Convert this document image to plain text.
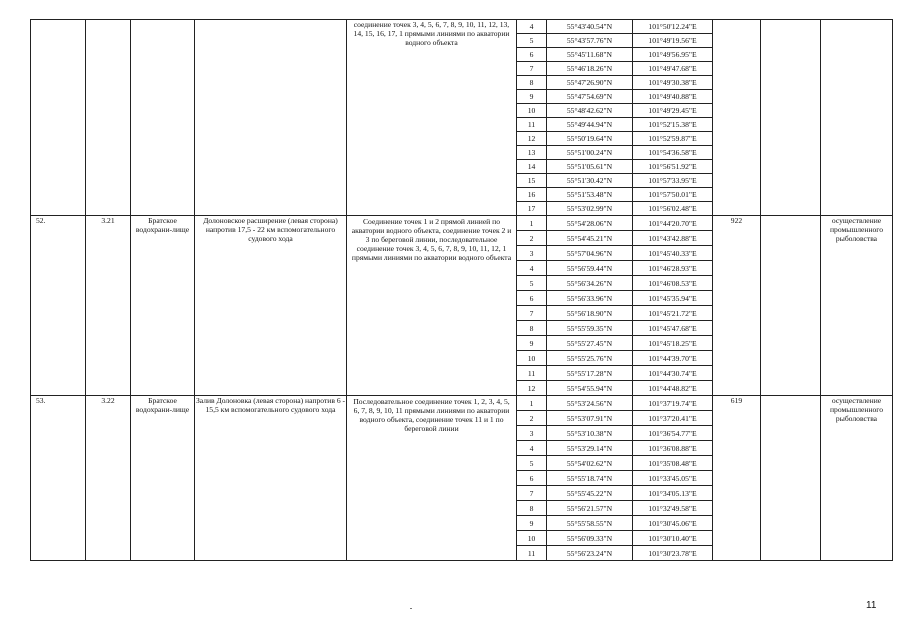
				соединение точек 3, 4, 5, 6, 7, 8, 9, 10, 11, 12, 13, 14, 15, 16, 17, 1 прямыми линиями по акватории водного объекта	4	55°43'40.54"N	101°50'12.24"E			
					5	55°43'57.76"N	101°49'19.56"E			
					6	55°45'11.68"N	101°49'56.95"E			
					7	55°46'18.26"N	101°49'47.68"E			
					8	55°47'26.90"N	101°49'30.38"E			
					9	55°47'54.69"N	101°49'40.88"E			
					10	55°48'42.62"N	101°49'29.45"E			
					11	55°49'44.94"N	101°52'15.38"E			
					12	55°50'19.64"N	101°52'59.87"E			
					13	55°51'00.24"N	101°54'36.58"E			
					14	55°51'05.61"N	101°56'51.92"E			
					15	55°51'30.42"N	101°57'33.95"E			
					16	55°51'53.48"N	101°57'50.01"E			
					17	55°53'02.99"N	101°56'02.48"E			
52.	3.21	Братское водохрани-лище	Долоновское расширение (левая сторона) напротив 17,5 - 22 км вспомогательного судового хода	Соединение точек 1 и 2 прямой линией по акватории водного объекта, соединение точек 2 и 3 по береговой линии, последовательное соединение точек 3, 4, 5, 6, 7, 8, 9, 10, 11, 12, 1 прямыми линиями по акватории водного объекта	1	55°54'28.06"N	101°44'20.70"E	922		осуществление промышленного рыболовства
					2	55°54'45.21"N	101°43'42.88"E			
					3	55°57'04.96"N	101°45'40.33"E			
					4	55°56'59.44"N	101°46'28.93"E			
					5	55°56'34.26"N	101°46'08.53"E			
					6	55°56'33.96"N	101°45'35.94"E			
					7	55°56'18.90"N	101°45'21.72"E			
					8	55°55'59.35"N	101°45'47.68"E			
					9	55°55'27.45"N	101°45'18.25"E			
					10	55°55'25.76"N	101°44'39.70"E			
					11	55°55'17.28"N	101°44'30.74"E			
					12	55°54'55.94"N	101°44'48.82"E			
53.	3.22	Братское водохрани-лище	Залив Долоновка (левая сторона) напротив 6 - 15,5 км вспомогательного судового хода	Последовательное соединение точек 1, 2, 3, 4, 5, 6, 7, 8, 9, 10, 11 прямыми линиями по акватории водного объекта, соединение точек 11 и 1 по береговой линии	1	55°53'24.56"N	101°37'19.74"E	619		осуществление промышленного рыболовства
					2	55°53'07.91"N	101°37'20.41"E			
					3	55°53'10.38"N	101°36'54.77"E			
					4	55°53'29.14"N	101°36'08.88"E			
					5	55°54'02.62"N	101°35'08.48"E			
					6	55°55'18.74"N	101°33'45.05"E			
					7	55°55'45.22"N	101°34'05.13"E			
					8	55°56'21.57"N	101°32'49.58"E			
					9	55°55'58.55"N	101°30'45.06"E			
					10	55°56'09.33"N	101°30'10.40"E			
					11	55°56'23.24"N	101°30'23.78"E			
11
